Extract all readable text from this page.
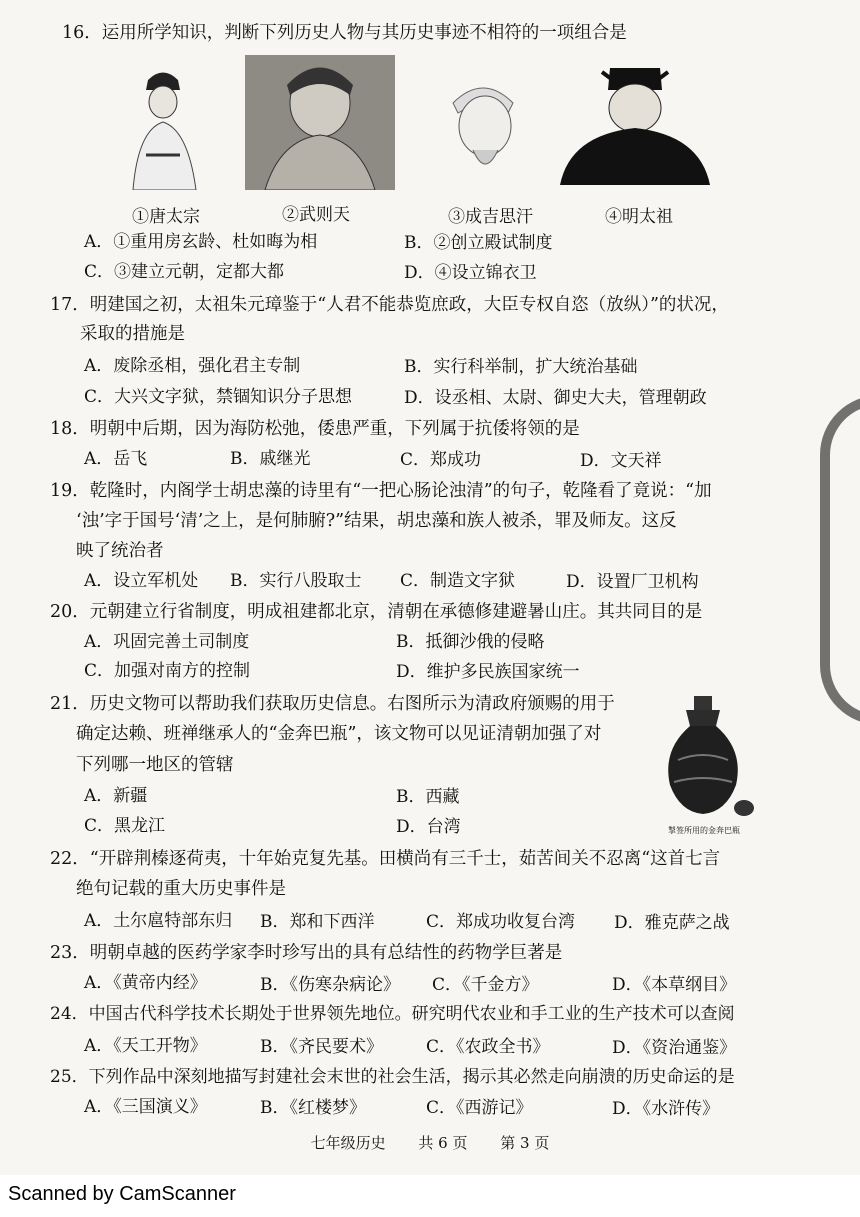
16．运用所学知识，判断下列历史人物与其历史事迹不相符的一项组合是
①唐太宗	②武则天	③成吉思汗	④明太祖
A．①重用房玄龄、杜如晦为相	B．②创立殿试制度
C．③建立元朝，定都大都	D．④设立锦衣卫
17．明建国之初，太祖朱元璋鉴于“人君不能恭览庶政，大臣专权自恣（放纵）”的状况，
采取的措施是
A．废除丞相，强化君主专制	B．实行科举制，扩大统治基础
C．大兴文字狱，禁锢知识分子思想	D．设丞相、太尉、御史大夫，管理朝政
18．明朝中后期，因为海防松弛，倭患严重，下列属于抗倭将领的是
A．岳飞	B．戚继光	C．郑成功	D．文天祥
19．乾隆时，内阁学士胡忠藻的诗里有“一把心肠论浊清”的句子，乾隆看了竟说：“加
‘浊’字于国号‘清’之上，是何肺腑?”结果，胡忠藻和族人被杀，罪及师友。这反
映了统治者
A．设立军机处 B．实行八股取士 C．制造文字狱	D．设置厂卫机构
20．元朝建立行省制度，明成祖建都北京，清朝在承德修建避暑山庄。其共同目的是
A．巩固完善土司制度	B．抵御沙俄的侵略
C．加强对南方的控制	D．维护多民族国家统一
21．历史文物可以帮助我们获取历史信息。右图所示为清政府颁赐的用于
确定达赖、班禅继承人的“金奔巴瓶”，该文物可以见证清朝加强了对
下列哪一地区的管辖
A．新疆	B．西藏
C．黑龙江	D．台湾	掣签所用的金奔巴瓶
22．“开辟荆榛逐荷夷，十年始克复先基。田横尚有三千士，茹苦间关不忍离“这首七言
绝句记载的重大历史事件是
A．土尔扈特部东归 B．郑和下西洋	C．郑成功收复台湾 D．雅克萨之战
23．明朝卓越的医药学家李时珍写出的具有总结性的药物学巨著是
A．《黄帝内经》	B．《伤寒杂病论》 C．《千金方》	D．《本草纲目》
24．中国古代科学技术长期处于世界领先地位。研究明代农业和手工业的生产技术可以查阅
A．《天工开物》	B．《齐民要术》	C．《农政全书》	D．《资治通鉴》
25．下列作品中深刻地描写封建社会末世的社会生活，揭示其必然走向崩溃的历史命运的是
A．《三国演义》	B．《红楼梦》	C．《西游记》	D．《水浒传》
七年级历史 共 6 页 第 3 页
Scanned by CamScanner
